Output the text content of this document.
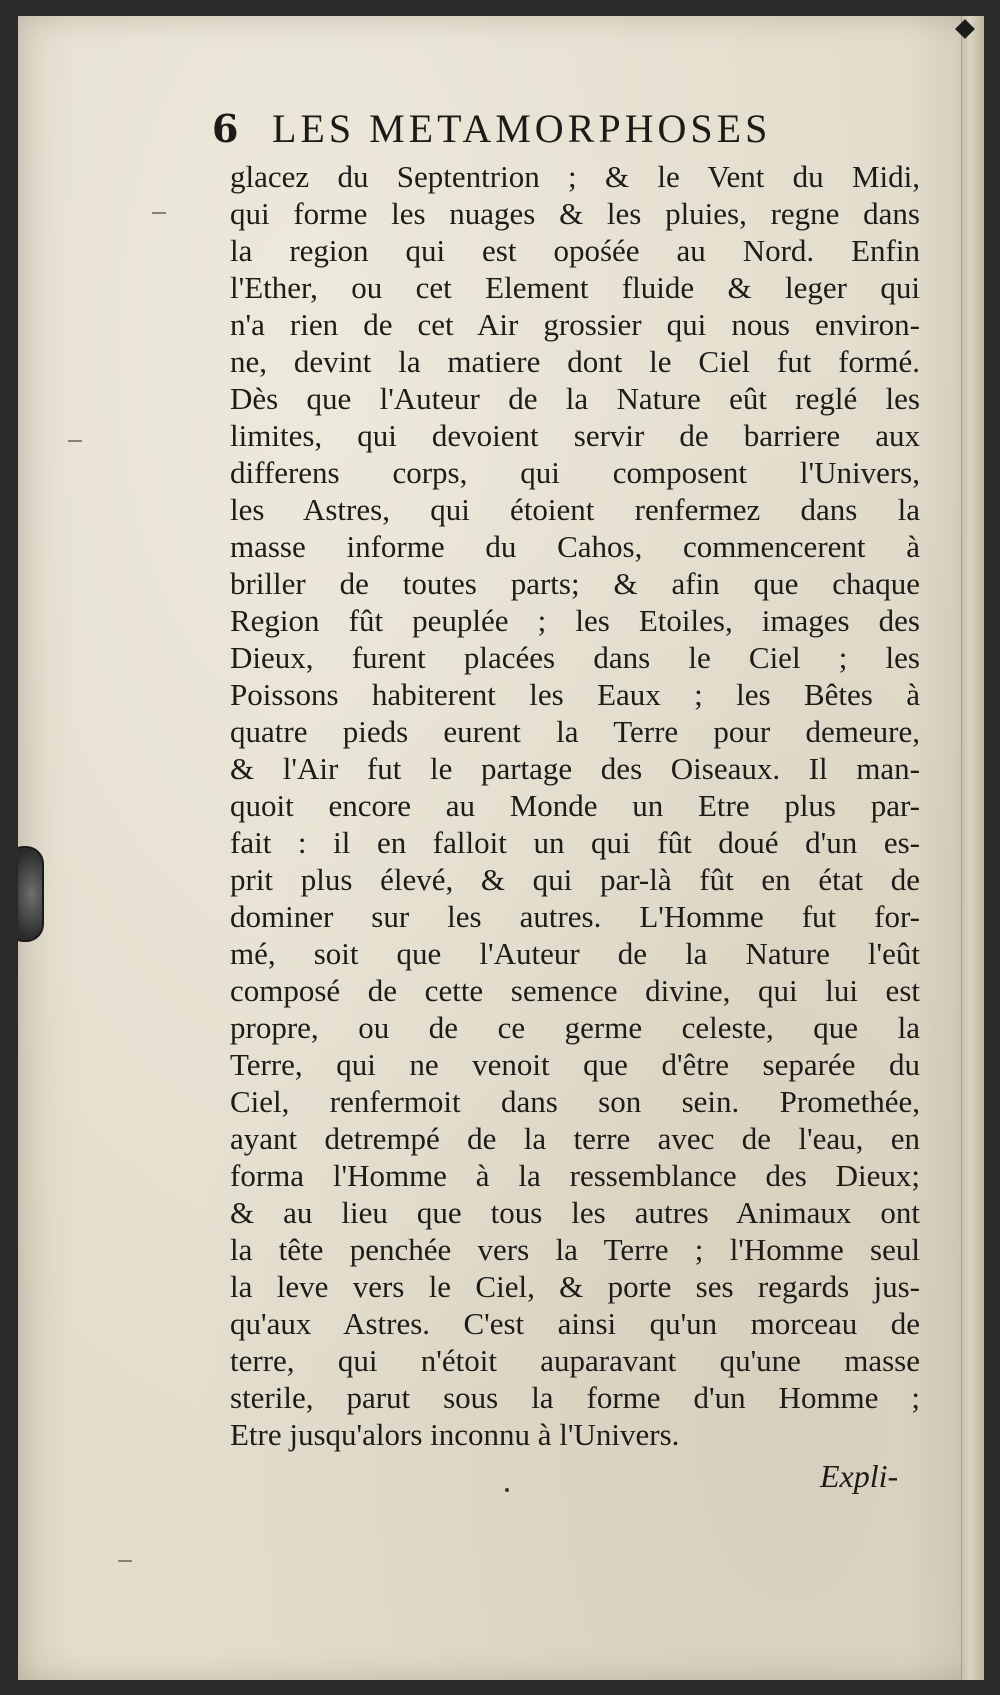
6 LES METAMORPHOSES
glacez du Septentrion ; & le Vent du Midi,
qui forme les nuages & les pluies, regne dans
la region qui est opośée au Nord. Enfin
l'Ether, ou cet Element fluide & leger qui
n'a rien de cet Air grossier qui nous environ-
ne, devint la matiere dont le Ciel fut formé.
Dès que l'Auteur de la Nature eût reglé les
limites, qui devoient servir de barriere aux
differens corps, qui composent l'Univers,
les Astres, qui étoient renfermez dans la
masse informe du Cahos, commencerent à
briller de toutes parts; & afin que chaque
Region fût peuplée ; les Etoiles, images des
Dieux, furent placées dans le Ciel ; les
Poissons habiterent les Eaux ; les Bêtes à
quatre pieds eurent la Terre pour demeure,
& l'Air fut le partage des Oiseaux. Il man-
quoit encore au Monde un Etre plus par-
fait : il en falloit un qui fût doué d'un es-
prit plus élevé, & qui par-là fût en état de
dominer sur les autres. L'Homme fut for-
mé, soit que l'Auteur de la Nature l'eût
composé de cette semence divine, qui lui est
propre, ou de ce germe celeste, que la
Terre, qui ne venoit que d'être separée du
Ciel, renfermoit dans son sein. Promethée,
ayant detrempé de la terre avec de l'eau, en
forma l'Homme à la ressemblance des Dieux;
& au lieu que tous les autres Animaux ont
la tête penchée vers la Terre ; l'Homme seul
la leve vers le Ciel, & porte ses regards jus-
qu'aux Astres. C'est ainsi qu'un morceau de
terre, qui n'étoit auparavant qu'une masse
sterile, parut sous la forme d'un Homme ;
Etre jusqu'alors inconnu à l'Univers.
Expli-
